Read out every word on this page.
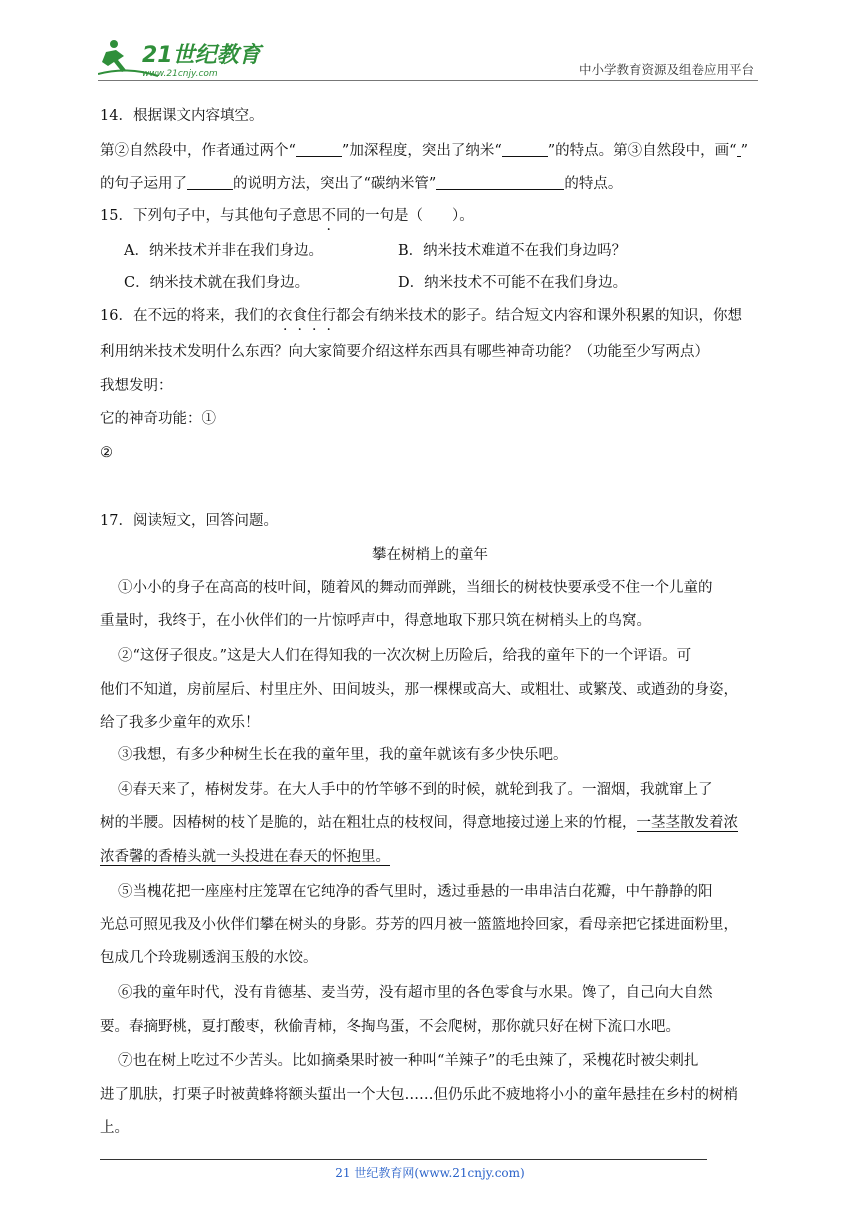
21世纪教育
www.21cnjy.com	中小学教育资源及组卷应用平台
14．根据课文内容填空。
第②自然段中，作者通过两个“	”加深程度，突出了纳米“	”的特点。第③自然段中，画“ ”
的句子运用了	的说明方法，突出了“碳纳米管”	的特点。
15．下列句子中，与其他句子意思不同的一句是（　　）。
A．纳米技术并非在我们身边。	B．纳米技术难道不在我们身边吗？
C．纳米技术就在我们身边。	D．纳米技术不可能不在我们身边。
16．在不远的将来，我们的衣食住行都会有纳米技术的影子。结合短文内容和课外积累的知识，你想
利用纳米技术发明什么东西？向大家简要介绍这样东西具有哪些神奇功能？（功能至少写两点）
我想发明：
它的神奇功能：①
②
17．阅读短文，回答问题。
攀在树梢上的童年
①小小的身子在高高的枝叶间，随着风的舞动而弹跳，当细长的树枝快要承受不住一个儿童的
重量时，我终于，在小伙伴们的一片惊呼声中，得意地取下那只筑在树梢头上的鸟窝。
②“这伢子很皮。”这是大人们在得知我的一次次树上历险后，给我的童年下的一个评语。可
他们不知道，房前屋后、村里庄外、田间坡头，那一棵棵或高大、或粗壮、或繁茂、或遒劲的身姿，
给了我多少童年的欢乐！
③我想，有多少种树生长在我的童年里，我的童年就该有多少快乐吧。
④春天来了，椿树发芽。在大人手中的竹竿够不到的时候，就轮到我了。一溜烟，我就窜上了
树的半腰。因椿树的枝丫是脆的，站在粗壮点的枝杈间，得意地接过递上来的竹棍，一茎茎散发着浓
浓香馨的香椿头就一头投进在春天的怀抱里。
⑤当槐花把一座座村庄笼罩在它纯净的香气里时，透过垂悬的一串串洁白花瓣，中午静静的阳
光总可照见我及小伙伴们攀在树头的身影。芬芳的四月被一篮篮地拎回家，看母亲把它揉进面粉里，
包成几个玲珑剔透润玉般的水饺。
⑥我的童年时代，没有肯德基、麦当劳，没有超市里的各色零食与水果。馋了，自己向大自然
要。春摘野桃，夏打酸枣，秋偷青柿，冬掏鸟蛋，不会爬树，那你就只好在树下流口水吧。
⑦也在树上吃过不少苦头。比如摘桑果时被一种叫“羊辣子”的毛虫辣了，采槐花时被尖刺扎
进了肌肤，打栗子时被黄蜂将额头蜇出一个大包……但仍乐此不疲地将小小的童年悬挂在乡村的树梢
上。
21 世纪教育网(www.21cnjy.com)
